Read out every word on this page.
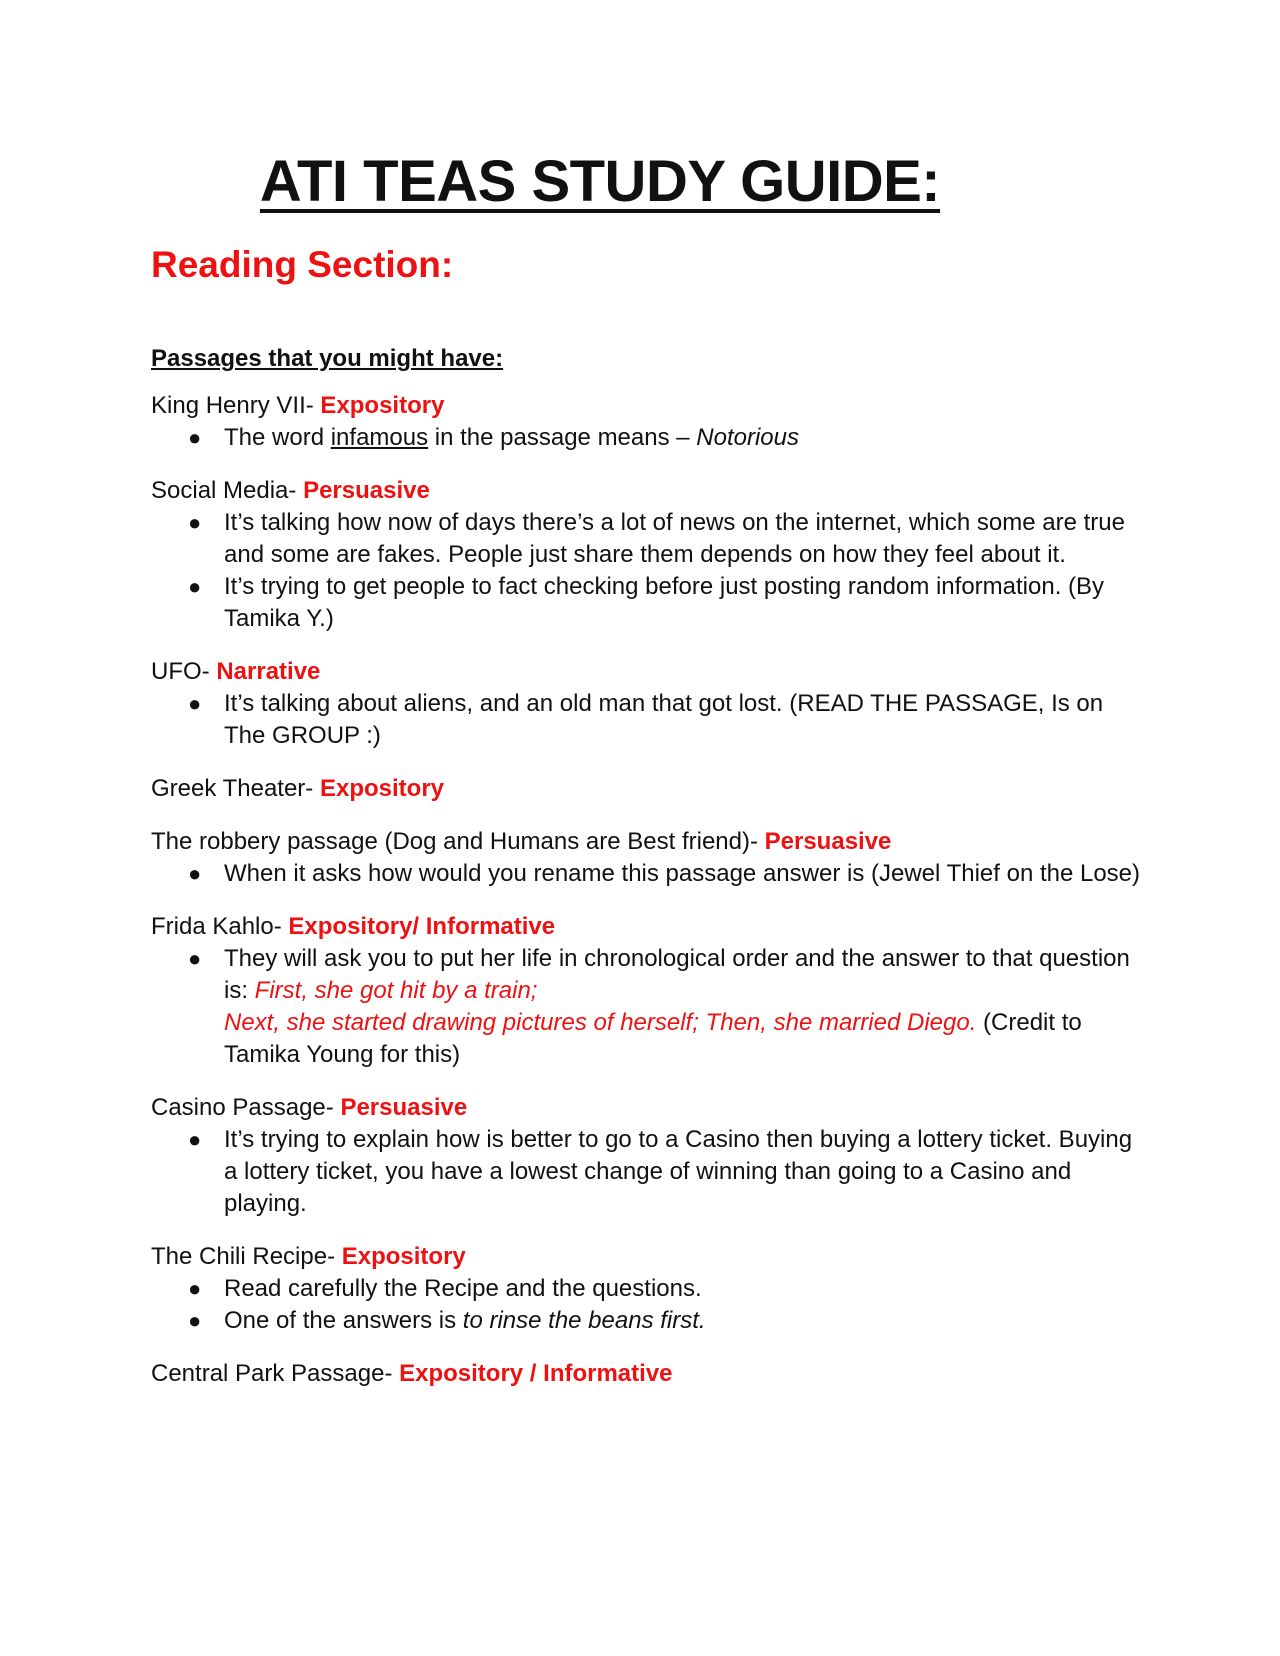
ATI TEAS STUDY GUIDE:
Reading Section:
Passages that you might have:

King Henry VII- Expository

● The word infamous in the passage means – Notorious

Social Media- Persuasive

● It’s talking how now of days there’s a lot of news on the internet, which some are true and some are fakes. People just share them depends on how they feel about it.
● It’s trying to get people to fact checking before just posting random information. (By Tamika Y.)

UFO- Narrative

● It’s talking about aliens, and an old man that got lost. (READ THE PASSAGE, Is on The GROUP :)

Greek Theater- Expository

The robbery passage (Dog and Humans are Best friend)- Persuasive

● When it asks how would you rename this passage answer is (Jewel Thief on the Lose)

Frida Kahlo- Expository/ Informative

● They will ask you to put her life in chronological order and the answer to that question is: First, she got hit by a train;
Next, she started drawing pictures of herself; Then, she married Diego. (Credit to Tamika Young for this)

Casino Passage- Persuasive

● It’s trying to explain how is better to go to a Casino then buying a lottery ticket. Buying a lottery ticket, you have a lowest change of winning than going to a Casino and playing.

The Chili Recipe- Expository

● Read carefully the Recipe and the questions.
● One of the answers is to rinse the beans first.

Central Park Passage- Expository / Informative
